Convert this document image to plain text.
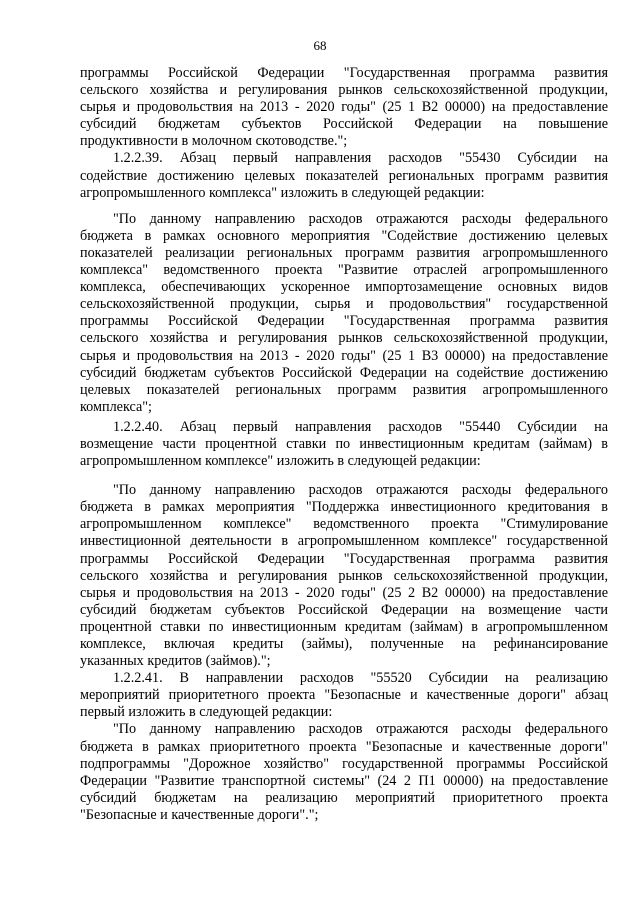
68
программы Российской Федерации "Государственная программа развития
сельского хозяйства и регулирования рынков сельскохозяйственной продукции,
сырья и продовольствия на 2013 - 2020 годы" (25 1 В2 00000) на предоставление
субсидий бюджетам субъектов Российской Федерации на повышение
продуктивности в молочном скотоводстве.";
1.2.2.39. Абзац первый направления расходов "55430 Субсидии на
содействие достижению целевых показателей региональных программ развития
агропромышленного комплекса" изложить в следующей редакции:
"По данному направлению расходов отражаются расходы федерального
бюджета в рамках основного мероприятия "Содействие достижению целевых
показателей реализации региональных программ развития агропромышленного
комплекса" ведомственного проекта "Развитие отраслей агропромышленного
комплекса, обеспечивающих ускоренное импортозамещение основных видов
сельскохозяйственной продукции, сырья и продовольствия" государственной
программы Российской Федерации "Государственная программа развития
сельского хозяйства и регулирования рынков сельскохозяйственной продукции,
сырья и продовольствия на 2013 - 2020 годы" (25 1 В3 00000) на предоставление
субсидий бюджетам субъектов Российской Федерации на содействие достижению
целевых показателей региональных программ развития агропромышленного
комплекса";
1.2.2.40. Абзац первый направления расходов "55440 Субсидии на
возмещение части процентной ставки по инвестиционным кредитам (займам) в
агропромышленном комплексе" изложить в следующей редакции:
"По данному направлению расходов отражаются расходы федерального
бюджета в рамках мероприятия "Поддержка инвестиционного кредитования в
агропромышленном комплексе" ведомственного проекта "Стимулирование
инвестиционной деятельности в агропромышленном комплексе" государственной
программы Российской Федерации "Государственная программа развития
сельского хозяйства и регулирования рынков сельскохозяйственной продукции,
сырья и продовольствия на 2013 - 2020 годы" (25 2 В2 00000) на предоставление
субсидий бюджетам субъектов Российской Федерации на возмещение части
процентной ставки по инвестиционным кредитам (займам) в агропромышленном
комплексе, включая кредиты (займы), полученные на рефинансирование
указанных кредитов (займов).";
1.2.2.41. В направлении расходов "55520 Субсидии на реализацию
мероприятий приоритетного проекта "Безопасные и качественные дороги" абзац
первый изложить в следующей редакции:
"По данному направлению расходов отражаются расходы федерального
бюджета в рамках приоритетного проекта "Безопасные и качественные дороги"
подпрограммы "Дорожное хозяйство" государственной программы Российской
Федерации "Развитие транспортной системы" (24 2 П1 00000) на предоставление
субсидий бюджетам на реализацию мероприятий приоритетного проекта
"Безопасные и качественные дороги".";
